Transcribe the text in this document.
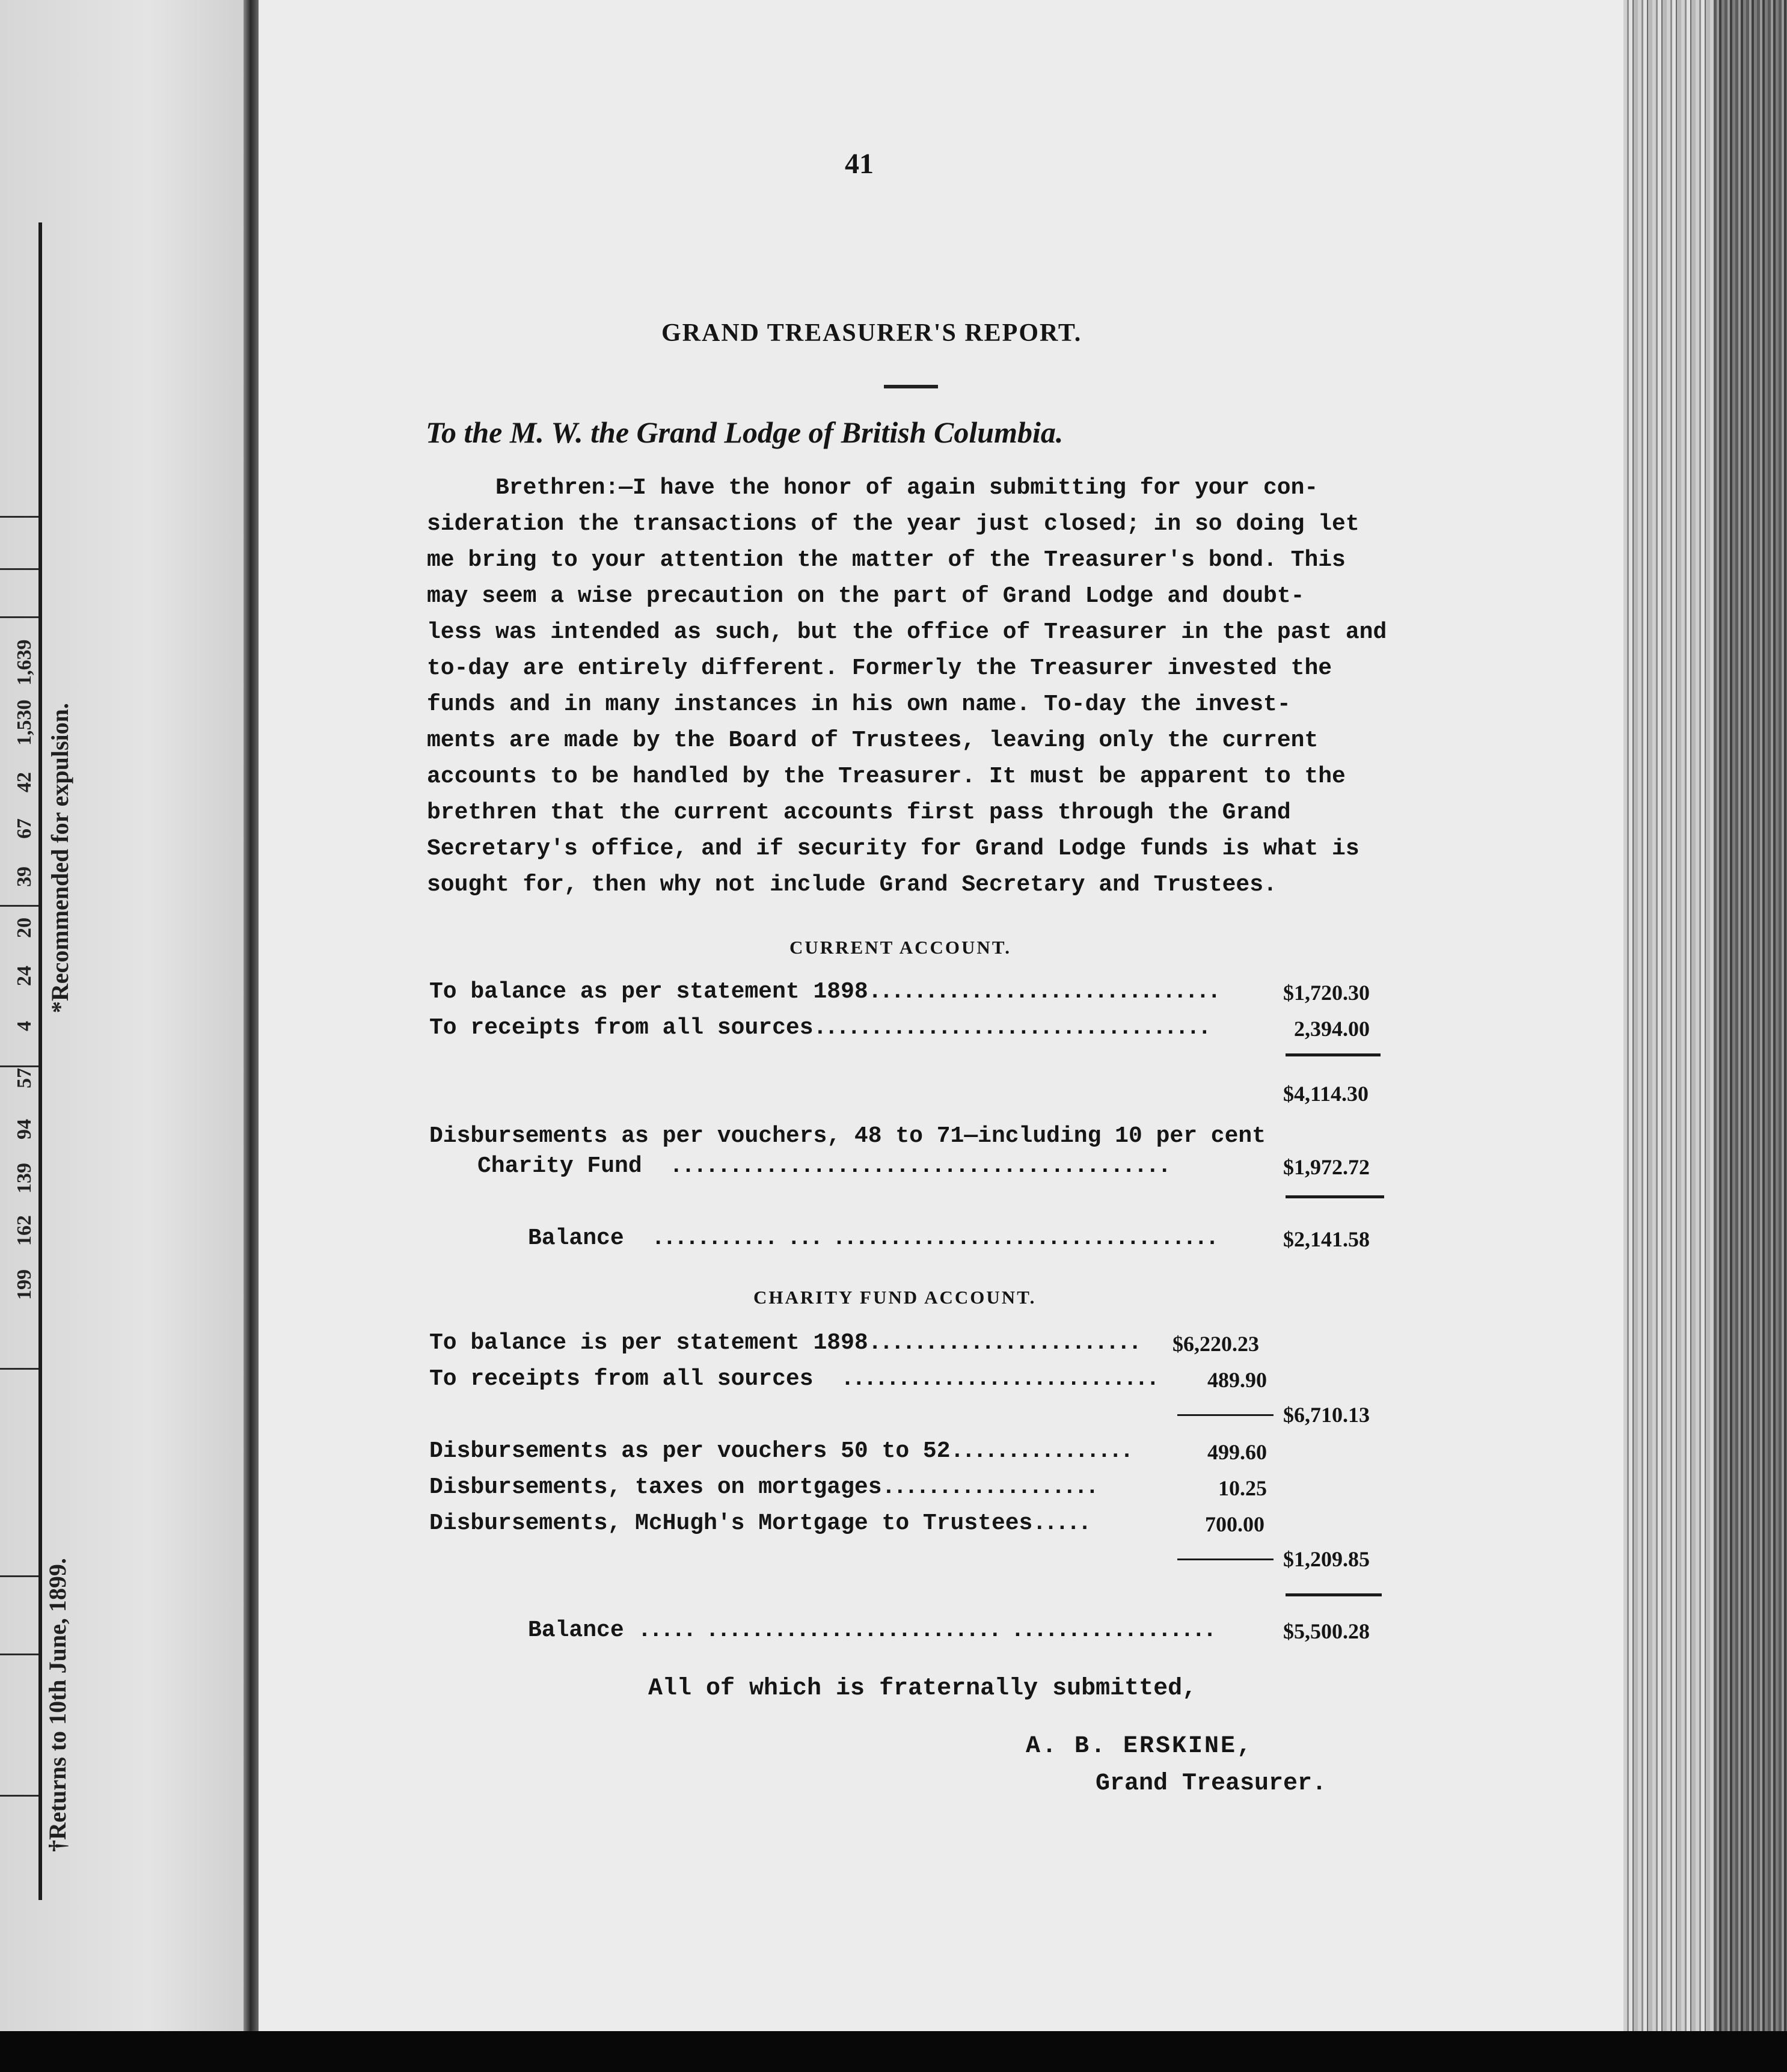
199
162
139
94
57
4
24
20
39
67
42
1,530
1,639
*Recommended for expulsion.
†Returns to 10th June, 1899.
41
GRAND TREASURER'S REPORT.
To the M. W. the Grand Lodge of British Columbia.
Brethren:—I have the honor of again submitting for your con-
sideration the transactions of the year just closed; in so doing let
me bring to your attention the matter of the Treasurer's bond. This
may seem a wise precaution on the part of Grand Lodge and doubt-
less was intended as such, but the office of Treasurer in the past and
to-day are entirely different. Formerly the Treasurer invested the
funds and in many instances in his own name. To-day the invest-
ments are made by the Board of Trustees, leaving only the current
accounts to be handled by the Treasurer. It must be apparent to the
brethren that the current accounts first pass through the Grand
Secretary's office, and if security for Grand Lodge funds is what is
sought for, then why not include Grand Secretary and Trustees.
CURRENT ACCOUNT.
To balance as per statement 1898...............................	$1,720.30
To receipts from all sources...................................	2,394.00
$4,114.30
Disbursements as per vouchers, 48 to 71—including 10 per cent
Charity Fund ..........................................	$1,972.72
Balance ........... ... ..................................	$2,141.58
CHARITY FUND ACCOUNT.
To balance is per statement 1898........................ $6,220.23
To receipts from all sources ............................ 489.90
$6,710.13
Disbursements as per vouchers 50 to 52................	499.60
Disbursements, taxes on mortgages...................	10.25
Disbursements, McHugh's Mortgage to Trustees.....	700.00
$1,209.85
Balance ..... .......................... ..................	$5,500.28
All of which is fraternally submitted,
A. B. ERSKINE,
Grand Treasurer.
